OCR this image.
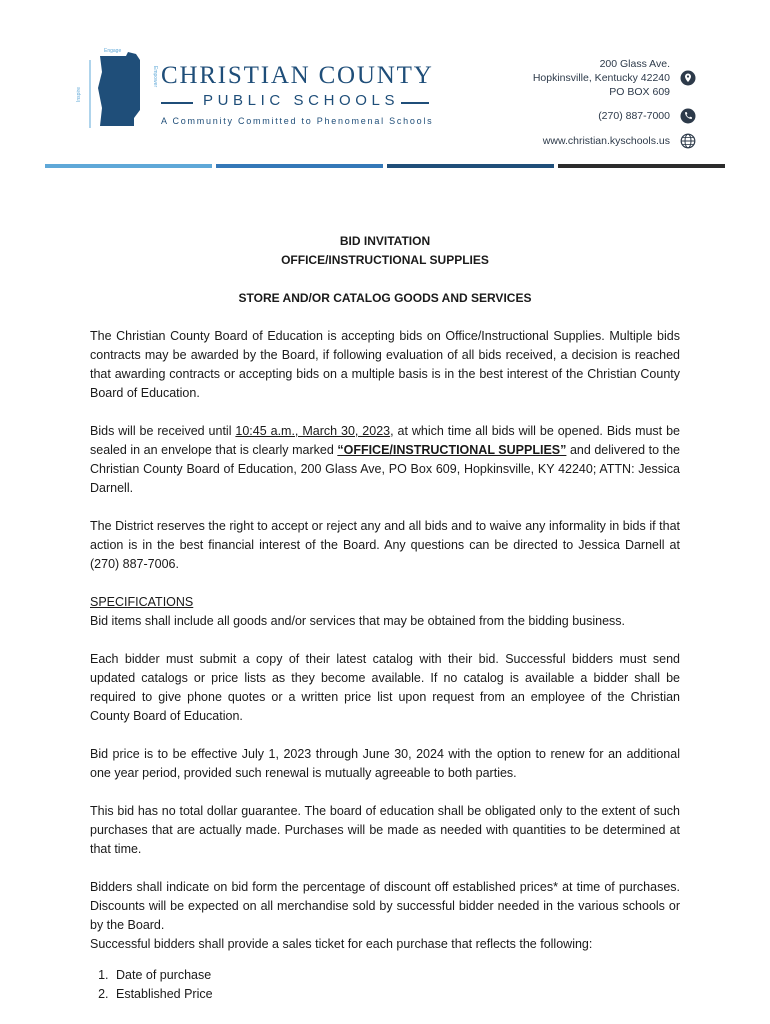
Inspire
Engage
Empower CHRISTIAN COUNTY
PUBLIC SCHOOLS
A Community Committed to Phenomenal Schools
200 Glass Ave.
Hopkinsville, Kentucky 42240
PO BOX 609
(270) 887-7000
www.christian.kyschools.us
BID INVITATION
OFFICE/INSTRUCTIONAL SUPPLIES
STORE AND/OR CATALOG GOODS AND SERVICES

The Christian County Board of Education is accepting bids on Office/Instructional Supplies. Multiple bids contracts may be awarded by the Board, if following evaluation of all bids received, a decision is reached that awarding contracts or accepting bids on a multiple basis is in the best interest of the Christian County Board of Education.

Bids will be received until 10:45 a.m., March 30, 2023, at which time all bids will be opened. Bids must be sealed in an envelope that is clearly marked “OFFICE/INSTRUCTIONAL SUPPLIES” and delivered to the Christian County Board of Education, 200 Glass Ave, PO Box 609, Hopkinsville, KY 42240; ATTN: Jessica Darnell.

The District reserves the right to accept or reject any and all bids and to waive any informality in bids if that action is in the best financial interest of the Board. Any questions can be directed to Jessica Darnell at (270) 887-7006.

SPECIFICATIONS

Bid items shall include all goods and/or services that may be obtained from the bidding business.

Each bidder must submit a copy of their latest catalog with their bid. Successful bidders must send updated catalogs or price lists as they become available. If no catalog is available a bidder shall be required to give phone quotes or a written price list upon request from an employee of the Christian County Board of Education.

Bid price is to be effective July 1, 2023 through June 30, 2024 with the option to renew for an additional one year period, provided such renewal is mutually agreeable to both parties.

This bid has no total dollar guarantee. The board of education shall be obligated only to the extent of such purchases that are actually made. Purchases will be made as needed with quantities to be determined at that time.

Bidders shall indicate on bid form the percentage of discount off established prices* at time of purchases. Discounts will be expected on all merchandise sold by successful bidder needed in the various schools or by the Board.

Successful bidders shall provide a sales ticket for each purchase that reflects the following:

1. Date of purchase
2. Established Price
